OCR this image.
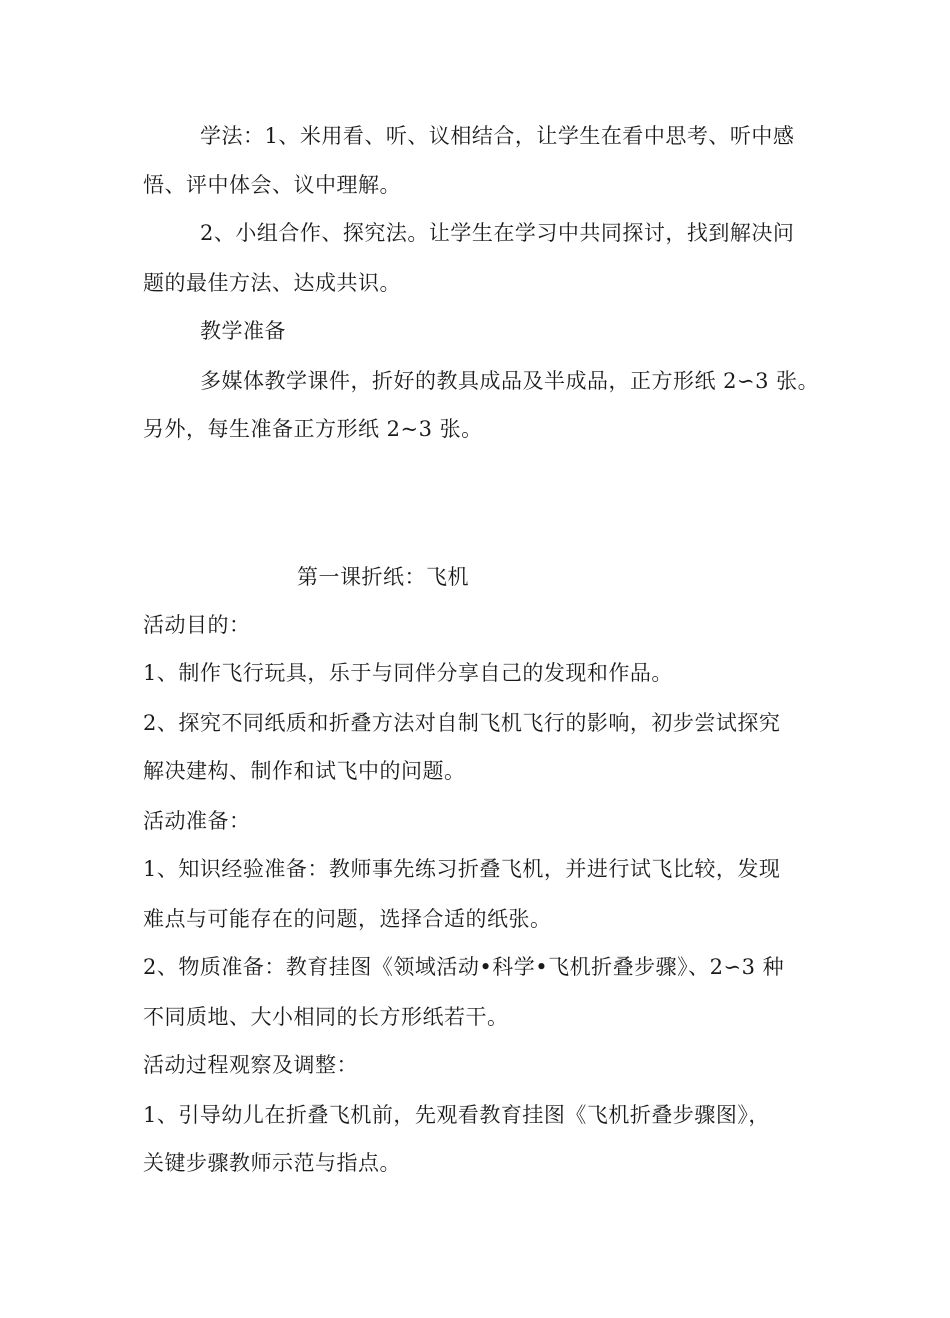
学法：1、米用看、听、议相结合，让学生在看中思考、听中感
悟、评中体会、议中理解。
2、小组合作、探究法。让学生在学习中共同探讨，找到解决问
题的最佳方法、达成共识。
教学准备
多媒体教学课件，折好的教具成品及半成品，正方形纸 2∽3 张。
另外，每生准备正方形纸 2~3 张。
第一课折纸：飞机
活动目的：
1、制作飞行玩具，乐于与同伴分享自己的发现和作品。
2、探究不同纸质和折叠方法对自制飞机飞行的影响，初步尝试探究
解决建构、制作和试飞中的问题。
活动准备：
1、知识经验准备：教师事先练习折叠飞机，并进行试飞比较，发现
难点与可能存在的问题，选择合适的纸张。
2、物质准备：教育挂图《领域活动•科学•飞机折叠步骤》、2∽3 种
不同质地、大小相同的长方形纸若干。
活动过程观察及调整：
1、引导幼儿在折叠飞机前，先观看教育挂图《飞机折叠步骤图》，
关键步骤教师示范与指点。
